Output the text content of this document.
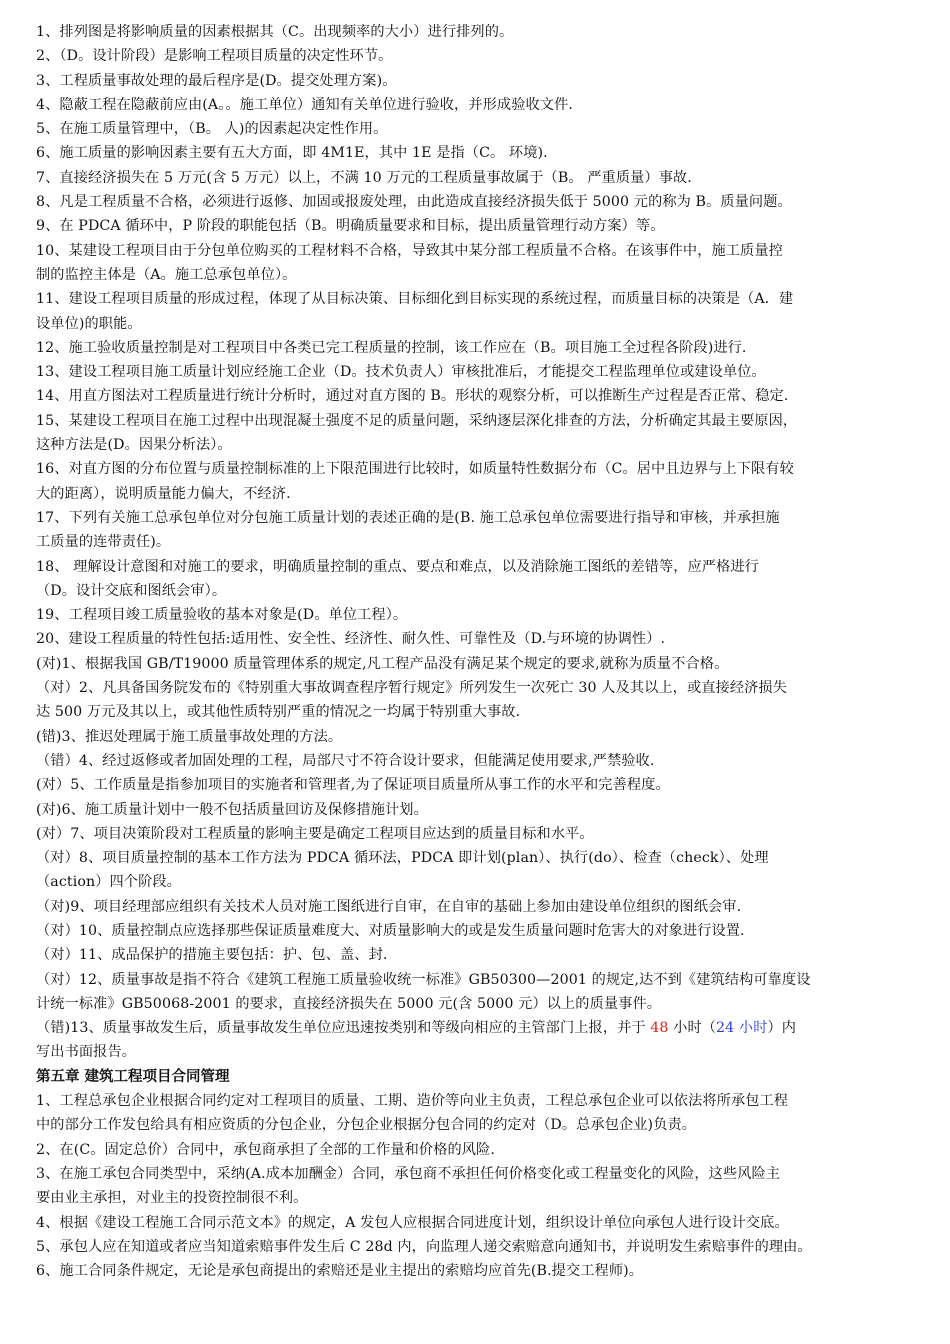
1、排列图是将影响质量的因素根据其（C。出现频率的大小）进行排列的。
2、（D。设计阶段）是影响工程项目质量的决定性环节。
3、工程质量事故处理的最后程序是(D。提交处理方案)。
4、隐蔽工程在隐蔽前应由(A。。施工单位）通知有关单位进行验收，并形成验收文件.
5、在施工质量管理中，（B。 人)的因素起决定性作用。
6、施工质量的影响因素主要有五大方面，即 4M1E，其中 1E 是指（C。 环境).
7、直接经济损失在 5 万元(含 5 万元）以上，不满 10 万元的工程质量事故属于（B。 严重质量）事故.
8、凡是工程质量不合格，必须进行返修、加固或报废处理，由此造成直接经济损失低于 5000 元的称为 B。质量问题。
9、在 PDCA 循环中，P 阶段的职能包括（B。明确质量要求和目标，提出质量管理行动方案）等。
10、某建设工程项目由于分包单位购买的工程材料不合格，导致其中某分部工程质量不合格。在该事件中，施工质量控
制的监控主体是（A。施工总承包单位）。
11、建设工程项目质量的形成过程，体现了从目标决策、目标细化到目标实现的系统过程，而质量目标的决策是（A．建
设单位)的职能。
12、施工验收质量控制是对工程项目中各类已完工程质量的控制，该工作应在（B。项目施工全过程各阶段)进行.
13、建设工程项目施工质量计划应经施工企业（D。技术负责人）审核批准后，才能提交工程监理单位或建设单位。
14、用直方图法对工程质量进行统计分析时，通过对直方图的 B。形状的观察分析，可以推断生产过程是否正常、稳定.
15、某建设工程项目在施工过程中出现混凝土强度不足的质量问题，采纳逐层深化排查的方法，分析确定其最主要原因，
这种方法是(D。因果分析法）。
16、对直方图的分布位置与质量控制标准的上下限范围进行比较时，如质量特性数据分布（C。居中且边界与上下限有较
大的距离），说明质量能力偏大，不经济.
17、下列有关施工总承包单位对分包施工质量计划的表述正确的是(B. 施工总承包单位需要进行指导和审核，并承担施
工质量的连带责任)。
18、 理解设计意图和对施工的要求，明确质量控制的重点、要点和难点，以及消除施工图纸的差错等，应严格进行
（D。设计交底和图纸会审）。
19、工程项目竣工质量验收的基本对象是(D。单位工程）。
20、建设工程质量的特性包括:适用性、安全性、经济性、耐久性、可靠性及（D.与环境的协调性）.
(对)1、根据我国 GB/T19000 质量管理体系的规定,凡工程产品没有满足某个规定的要求,就称为质量不合格。
（对）2、凡具备国务院发布的《特别重大事故调查程序暂行规定》所列发生一次死亡 30 人及其以上，或直接经济损失
达 500 万元及其以上，或其他性质特别严重的情况之一均属于特别重大事故.
(错)3、推迟处理属于施工质量事故处理的方法。
（错）4、经过返修或者加固处理的工程，局部尺寸不符合设计要求，但能满足使用要求,严禁验收.
(对）5、工作质量是指参加项目的实施者和管理者,为了保证项目质量所从事工作的水平和完善程度。
(对)6、施工质量计划中一般不包括质量回访及保修措施计划。
(对）7、项目决策阶段对工程质量的影响主要是确定工程项目应达到的质量目标和水平。
（对）8、项目质量控制的基本工作方法为 PDCA 循环法，PDCA 即计划(plan）、执行(do）、检查（check）、处理
（action）四个阶段。
（对)9、项目经理部应组织有关技术人员对施工图纸进行自审，在自审的基础上参加由建设单位组织的图纸会审.
（对）10、质量控制点应选择那些保证质量难度大、对质量影响大的或是发生质量问题时危害大的对象进行设置.
（对）11、成品保护的措施主要包括：护、包、盖、封.
（对）12、质量事故是指不符合《建筑工程施工质量验收统一标准》GB50300—2001 的规定,达不到《建筑结构可靠度设
计统一标准》GB50068-2001 的要求，直接经济损失在 5000 元(含 5000 元）以上的质量事件。
（错)13、质量事故发生后，质量事故发生单位应迅速按类别和等级向相应的主管部门上报，并于 48 小时（24 小时）内
写出书面报告。
第五章 建筑工程项目合同管理
1、工程总承包企业根据合同约定对工程项目的质量、工期、造价等向业主负责，工程总承包企业可以依法将所承包工程
中的部分工作发包给具有相应资质的分包企业，分包企业根据分包合同的约定对（D。总承包企业)负责。
2、在(C。固定总价）合同中，承包商承担了全部的工作量和价格的风险.
3、在施工承包合同类型中，采纳(A.成本加酬金）合同，承包商不承担任何价格变化或工程量变化的风险，这些风险主
要由业主承担，对业主的投资控制很不利。
4、根据《建设工程施工合同示范文本》的规定，A 发包人应根据合同进度计划，组织设计单位向承包人进行设计交底。
5、承包人应在知道或者应当知道索赔事件发生后 C 28d 内，向监理人递交索赔意向通知书，并说明发生索赔事件的理由。
6、施工合同条件规定，无论是承包商提出的索赔还是业主提出的索赔均应首先(B.提交工程师)。
